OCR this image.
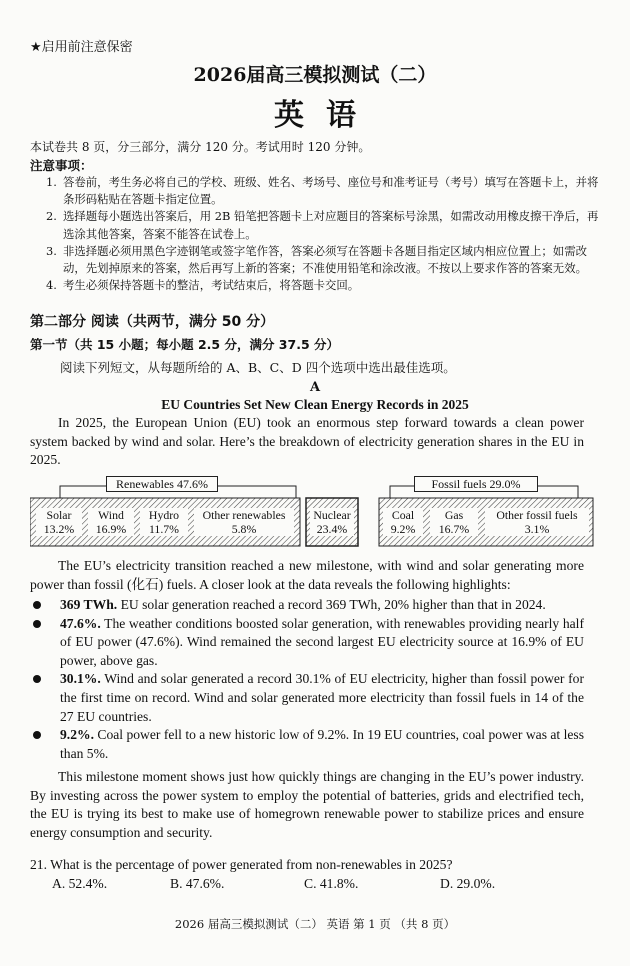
★启用前注意保密
2026届高三模拟测试（二）
英语
本试卷共 8 页，分三部分，满分 120 分。考试用时 120 分钟。
注意事项：
1. 答卷前，考生务必将自己的学校、班级、姓名、考场号、座位号和准考证号（考号）填写在答题卡上，并将条形码粘贴在答题卡指定位置。
2. 选择题每小题选出答案后，用 2B 铅笔把答题卡上对应题目的答案标号涂黑，如需改动用橡皮擦干净后，再选涂其他答案，答案不能答在试卷上。
3. 非选择题必须用黑色字迹钢笔或签字笔作答，答案必须写在答题卡各题目指定区域内相应位置上；如需改动，先划掉原来的答案，然后再写上新的答案；不准使用铅笔和涂改液。不按以上要求作答的答案无效。
4. 考生必须保持答题卡的整洁，考试结束后，将答题卡交回。
第二部分 阅读（共两节，满分 50 分）
第一节（共 15 小题；每小题 2.5 分，满分 37.5 分）
阅读下列短文，从每题所给的 A、B、C、D 四个选项中选出最佳选项。
A
EU Countries Set New Clean Energy Records in 2025
In 2025, the European Union (EU) took an enormous step forward towards a clean power system backed by wind and solar. Here’s the breakdown of electricity generation shares in the EU in 2025.
Renewables 47.6%	Fossil fuels 29.0%
Solar
13.2%
Wind
16.9%
Hydro
11.7%
Other renewables
5.8%
Nuclear
23.4%
Coal
9.2%
Gas
16.7%
Other fossil fuels
3.1%
The EU’s electricity transition reached a new milestone, with wind and solar generating more power than fossil (化石) fuels. A closer look at the data reveals the following highlights:
369 TWh. EU solar generation reached a record 369 TWh, 20% higher than that in 2024.
47.6%. The weather conditions boosted solar generation, with renewables providing nearly half of EU power (47.6%). Wind remained the second largest EU electricity source at 16.9% of EU power, above gas.
30.1%. Wind and solar generated a record 30.1% of EU electricity, higher than fossil power for the first time on record. Wind and solar generated more electricity than fossil fuels in 14 of the 27 EU countries.
9.2%. Coal power fell to a new historic low of 9.2%. In 19 EU countries, coal power was at less than 5%.
This milestone moment shows just how quickly things are changing in the EU’s power industry. By investing across the power system to employ the potential of batteries, grids and electrified tech, the EU is trying its best to make use of homegrown renewable power to stabilize prices and ensure energy consumption and security.
21. What is the percentage of power generated from non-renewables in 2025?
A. 52.4%.	B. 47.6%.	C. 41.8%.	D. 29.0%.
2026 届高三模拟测试（二） 英语 第 1 页 （共 8 页）
